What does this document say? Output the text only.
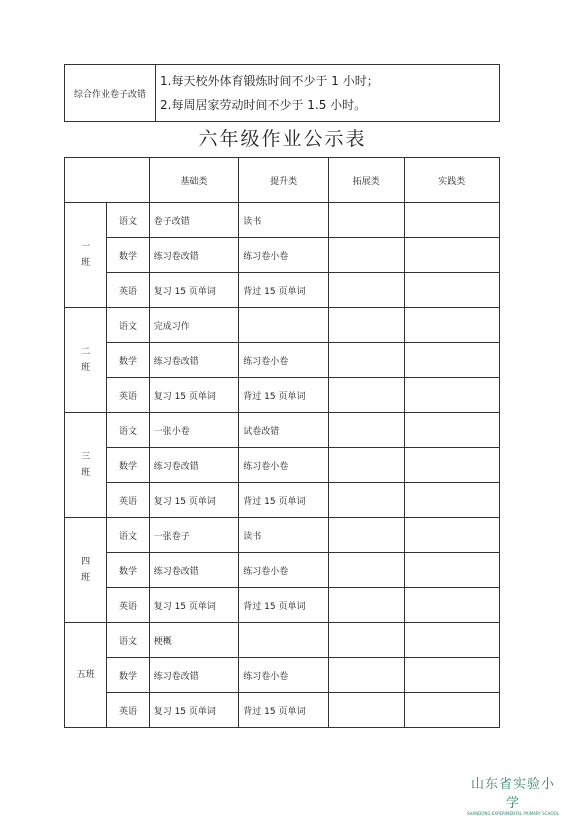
综合作业卷子改错	
1.每天校外体育锻炼时间不少于 1 小时；
2.每周居家劳动时间不少于 1.5 小时。
六年级作业公示表
		基础类	提升类	拓展类	实践类

一
班	语文	卷子改错	读书		
	数学	练习卷改错	练习卷小卷		
	英语	复习 15 页单词	背过 15 页单词		

二
班	语文	完成习作			
	数学	练习卷改错	练习卷小卷		
	英语	复习 15 页单词	背过 15 页单词		

三
班	语文	一张小卷	试卷改错		
	数学	练习卷改错	练习卷小卷		
	英语	复习 15 页单词	背过 15 页单词		

四
班	语文	一张卷子	读书		
	数学	练习卷改错	练习卷小卷		
	英语	复习 15 页单词	背过 15 页单词		

五班	语文	梗概			
	数学	练习卷改错	练习卷小卷		
	英语	复习 15 页单词	背过 15 页单词		
山东省实验小学
SHANDONG EXPERIMENTAL PRIMARY SCHOOL
